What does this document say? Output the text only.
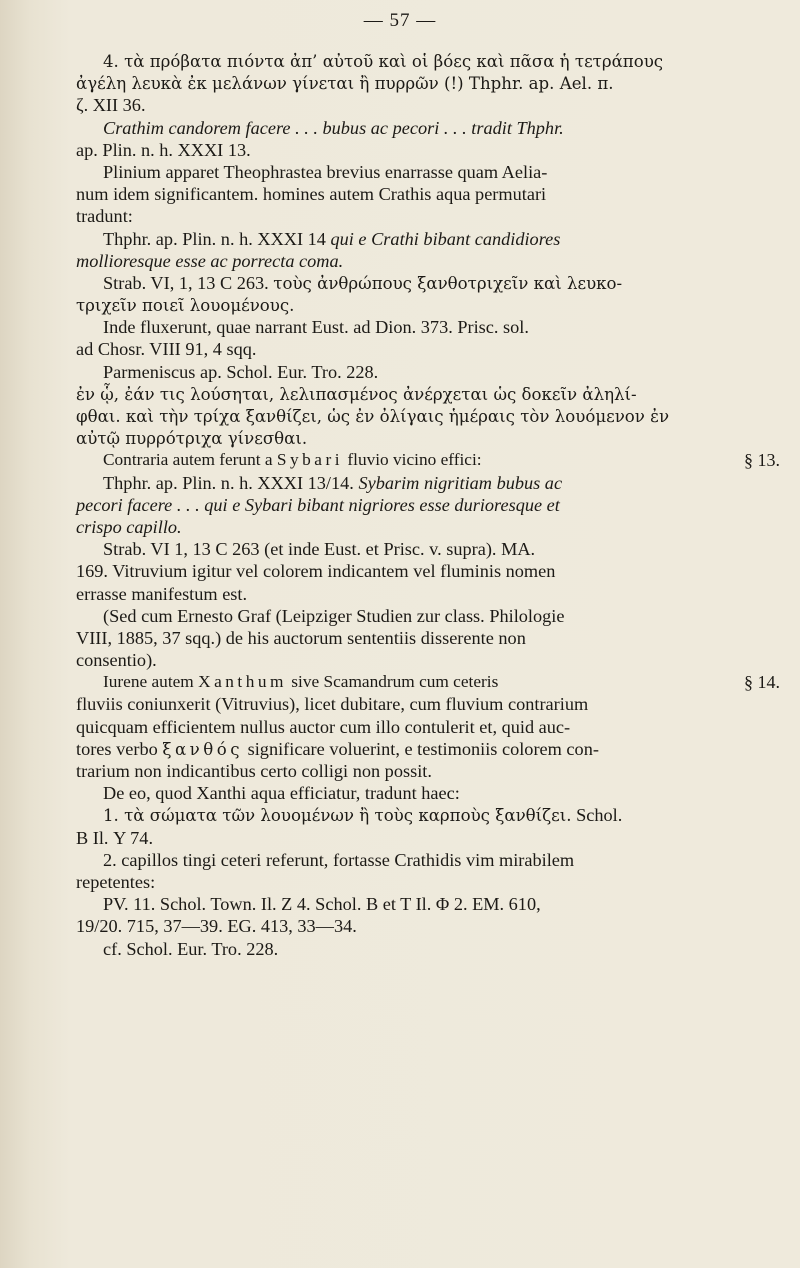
— 57 —
4. τὰ πρόβατα πιόντα ἀπ’ αὐτοῦ καὶ οἱ βόες καὶ πᾶσα ἡ τετράπους
ἀγέλη λευκὰ ἐκ μελάνων γίνεται ἢ πυρρῶν (!) Thphr. ap. Ael. π.
ζ. XII 36.
Crathim candorem facere . . . bubus ac pecori . . . tradit Thphr.
ap. Plin. n. h. XXXI 13.
Plinium apparet Theophrastea brevius enarrasse quam Aelia-
num idem significantem. homines autem Crathis aqua permutari
tradunt:
Thphr. ap. Plin. n. h. XXXI 14 qui e Crathi bibant candidiores
mollioresque esse ac porrecta coma.
Strab. VI, 1, 13 C 263. τοὺς ἀνθρώπους ξανθοτριχεῖν καὶ λευκο-
τριχεῖν ποιεῖ λουομένους.
Inde fluxerunt, quae narrant Eust. ad Dion. 373. Prisc. sol.
ad Chosr. VIII 91, 4 sqq.
Parmeniscus ap. Schol. Eur. Tro. 228.
ἐν ᾧ, ἐάν τις λούσηται, λελιπασμένος ἀνέρχεται ὡς δοκεῖν ἀληλί-
φθαι. καὶ τὴν τρίχα ξανθίζει, ὡς ἐν ὀλίγαις ἡμέραις τὸν λουόμενον ἐν
αὐτῷ πυρρότριχα γίνεσθαι.
Contraria autem ferunt a Sybari fluvio vicino effici:	§ 13.
Thphr. ap. Plin. n. h. XXXI 13/14. Sybarim nigritiam bubus ac
pecori facere . . . qui e Sybari bibant nigriores esse durioresque et
crispo capillo.
Strab. VI 1, 13 C 263 (et inde Eust. et Prisc. v. supra). MA.
169. Vitruvium igitur vel colorem indicantem vel fluminis nomen
errasse manifestum est.
(Sed cum Ernesto Graf (Leipziger Studien zur class. Philologie
VIII, 1885, 37 sqq.) de his auctorum sententiis disserente non
consentio).
Iurene autem Xanthum sive Scamandrum cum ceteris	§ 14.
fluviis coniunxerit (Vitruvius), licet dubitare, cum fluvium contrarium
quicquam efficientem nullus auctor cum illo contulerit et, quid auc-
tores verbo ξανθός significare voluerint, e testimoniis colorem con-
trarium non indicantibus certo colligi non possit.
De eo, quod Xanthi aqua efficiatur, tradunt haec:
1. τὰ σώματα τῶν λουομένων ἢ τοὺς καρποὺς ξανθίζει. Schol.
B Il. Υ 74.
2. capillos tingi ceteri referunt, fortasse Crathidis vim mirabilem
repetentes:
PV. 11. Schol. Town. Il. Z 4. Schol. B et T Il. Φ 2. EM. 610,
19/20. 715, 37—39. EG. 413, 33—34.
cf. Schol. Eur. Tro. 228.
